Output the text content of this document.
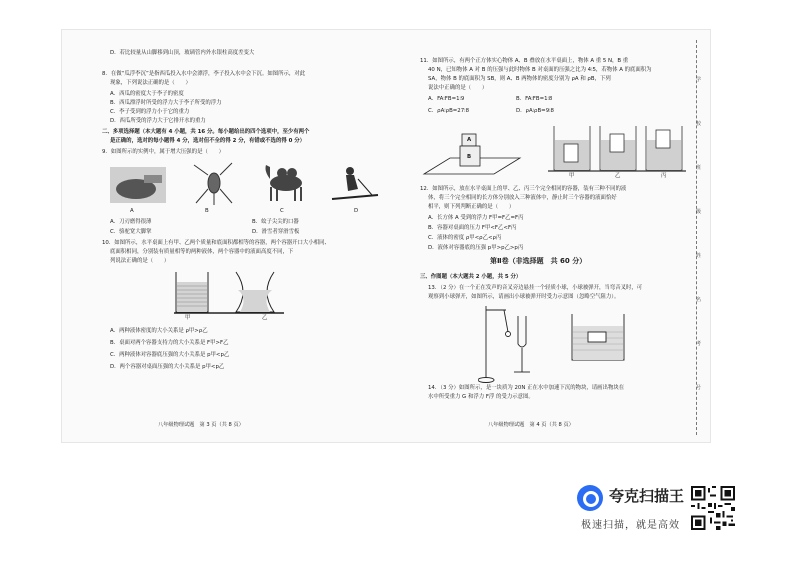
D．若比较量从山脚移到山顶，玻璃管内外水银柱高度差变大
8．在做“瓜浮李沉”是指西瓜投入水中会漂浮，李子投入水中会下沉。如图所示，对此
现象，下列说法正确的是（　　）
A．西瓜的密度大于李子的密度
B．西瓜漂浮时所受的浮力大于李子所受的浮力
C．李子受到的浮力小于它的重力
D．西瓜所受的浮力大于它排开水的重力
二、多项选择题（本大题有 4 小题，共 16 分。每小题给出的四个选项中，至少有两个
是正确的，选对的每小题得 4 分，选对但不全的得 2 分，有错或不选的得 0 分）
9．如图所示的实例中，属于增大压强的是（　　）
A	B	C	D
A．刀刃磨得很薄	B．蚊子尖尖的口器
C．骆驼宽大脚掌	D．滑雪者穿滑雪板
10．如图所示，水平桌面上有甲、乙两个质量和底面积都相等的容器，两个容器开口大小相同、
底面积相同，分别装有质量相等的两种液体，两个容器中的液面高度不同，下
列说法正确的是（　　）
甲	乙
A．两种液体密度的大小关系是 ρ甲>ρ乙
B．桌面对两个容器支持力的大小关系是 F甲>F乙
C．两种液体对容器底压强的大小关系是 p甲<p乙
D．两个容器对桌面压强的大小关系是 p甲<p乙
八年级物理试题　第 3 页（共 8 页）
11．如图所示，有两个正方体实心物体 A、B 叠放在水平桌面上，物体 A 重 5 N，B 重
40 N，已知物体 A 对 B 的压强与此时物体 B 对桌面的压强之比为 4∶5，若物体 A 的底面积为
SA，物体 B 的底面积为 SB，则 A、B 两物体的密度分别为 ρA 和 ρB，下列
说法中正确的是（　　）
A．FA∶FB=1∶9	B．FA∶FB=1∶8
C．ρA∶ρB=27∶8	D．ρA∶ρB=9∶8
A
B
甲	乙	丙
12．如图所示，放在水平桌面上的甲、乙、丙三个完全相同的容器，装有三种不同的液
体，将三个完全相同的长方体分别放入三种液体中，静止时三个容器的液面恰好
相平，则下列判断正确的是（　　）
A．长方体 A 受到的浮力 F甲=F乙=F丙
B．容器对桌面的压力 F甲<F乙<F丙
C．液体的密度 ρ甲<ρ乙<ρ丙
D．液体对容器底的压强 p甲>p乙>p丙
第Ⅱ卷（非选择题　共 60 分）
三、作图题（本大题共 2 小题，共 5 分）
13．（2 分）在一个正在发声的音叉旁边悬挂一个轻质小球，小球被弹开，当弯音叉时，可
观察到小球弹开，如图所示，请画出小球被弹开时受力示意图（忽略空气阻力）。
14．（3 分）如图所示，是一块质为 20N 正在水中加速下沉的物块，请画出物块在
水中所受重力 G 和浮力 F浮 的受力示意图。
八年级物理试题　第 4 页（共 8 页）
学
校
班
级
姓
名
考
号
夸克扫描王
极速扫描，就是高效
